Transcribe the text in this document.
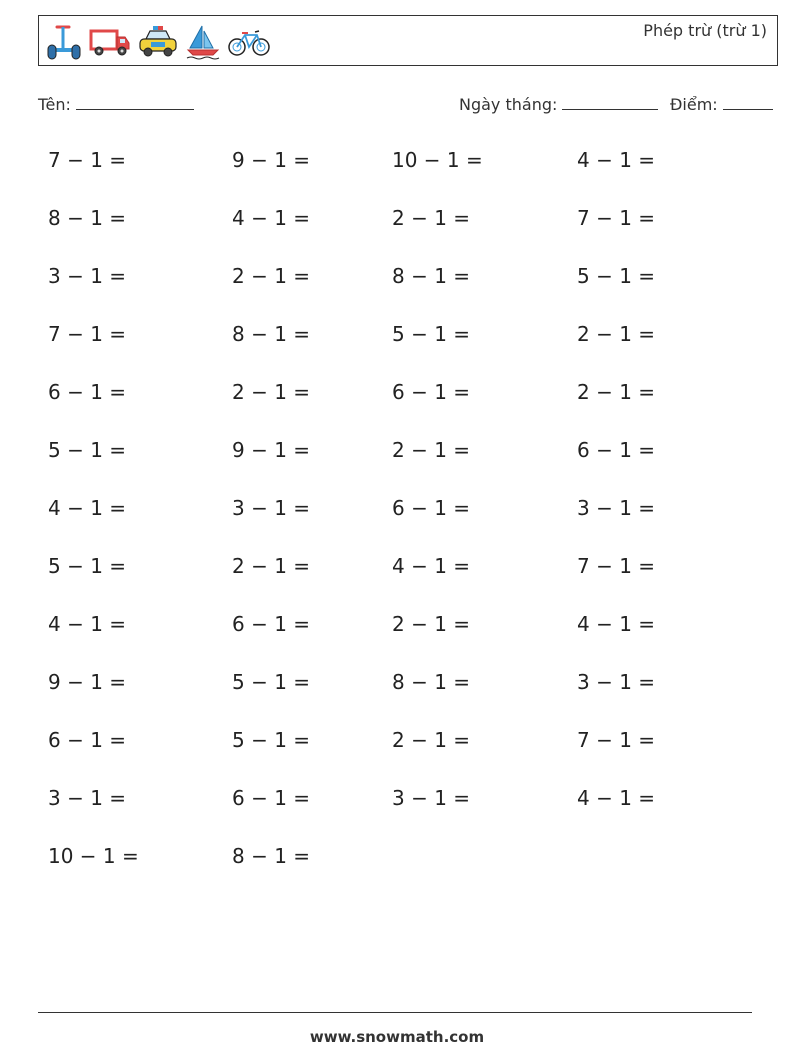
Phép trừ (trừ 1)
Tên:	Ngày tháng:	Điểm:
7 − 1 =	9 − 1 =	10 − 1 =	4 − 1 =
8 − 1 =	4 − 1 =	2 − 1 =	7 − 1 =
3 − 1 =	2 − 1 =	8 − 1 =	5 − 1 =
7 − 1 =	8 − 1 =	5 − 1 =	2 − 1 =
6 − 1 =	2 − 1 =	6 − 1 =	2 − 1 =
5 − 1 =	9 − 1 =	2 − 1 =	6 − 1 =
4 − 1 =	3 − 1 =	6 − 1 =	3 − 1 =
5 − 1 =	2 − 1 =	4 − 1 =	7 − 1 =
4 − 1 =	6 − 1 =	2 − 1 =	4 − 1 =
9 − 1 =	5 − 1 =	8 − 1 =	3 − 1 =
6 − 1 =	5 − 1 =	2 − 1 =	7 − 1 =
3 − 1 =	6 − 1 =	3 − 1 =	4 − 1 =
10 − 1 =	8 − 1 =
www.snowmath.com
